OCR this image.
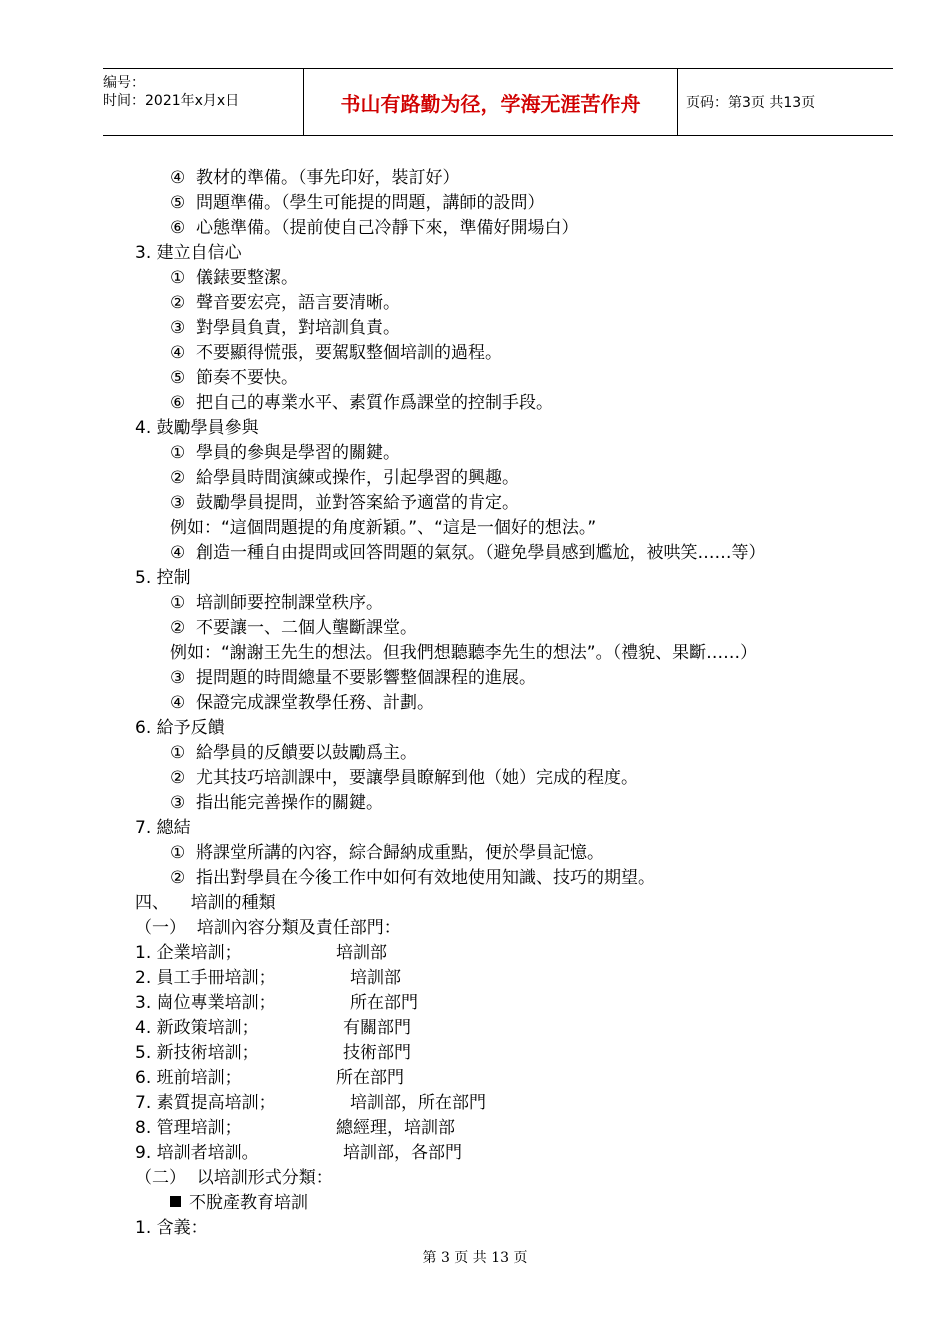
编号：
时间：2021年x月x日	书山有路勤为径，学海无涯苦作舟	页码：第3页 共13页
④  教材的準備。（事先印好，裝訂好）
⑤  問題準備。（學生可能提的問題，講師的設問）
⑥  心態準備。（提前使自己冷靜下來，準備好開場白）
3. 建立自信心
①  儀錶要整潔。
②  聲音要宏亮，語言要清晰。
③  對學員負責，對培訓負責。
④  不要顯得慌張，要駕馭整個培訓的過程。
⑤  節奏不要快。
⑥  把自己的專業水平、素質作爲課堂的控制手段。
4. 鼓勵學員參與
①  學員的參與是學習的關鍵。
②  給學員時間演練或操作，引起學習的興趣。
③  鼓勵學員提問，並對答案給予適當的肯定。
例如：“這個問題提的角度新穎。”、“這是一個好的想法。”
④  創造一種自由提問或回答問題的氣氛。（避免學員感到尷尬，被哄笑……等）
5. 控制
①  培訓師要控制課堂秩序。
②  不要讓一、二個人壟斷課堂。
例如：“謝謝王先生的想法。但我們想聽聽李先生的想法”。（禮貌、果斷……）
③  提問題的時間總量不要影響整個課程的進展。
④  保證完成課堂教學任務、計劃。
6. 給予反饋
①  給學員的反饋要以鼓勵爲主。
②  尤其技巧培訓課中，要讓學員瞭解到他（她）完成的程度。
③  指出能完善操作的關鍵。
7. 總結
①  將課堂所講的內容，綜合歸納成重點，便於學員記憶。
②  指出對學員在今後工作中如何有效地使用知識、技巧的期望。
四、    培訓的種類
（一）  培訓內容分類及責任部門：
1. 企業培訓；	培訓部
2. 員工手冊培訓；	培訓部
3. 崗位專業培訓；	所在部門
4. 新政策培訓；	有關部門
5. 新技術培訓；	技術部門
6. 班前培訓；	所在部門
7. 素質提高培訓；	培訓部，所在部門
8. 管理培訓；	總經理，培訓部
9. 培訓者培訓。	培訓部，各部門
（二）  以培訓形式分類：
不脫產教育培訓
1. 含義：
第 3 页 共 13 页
